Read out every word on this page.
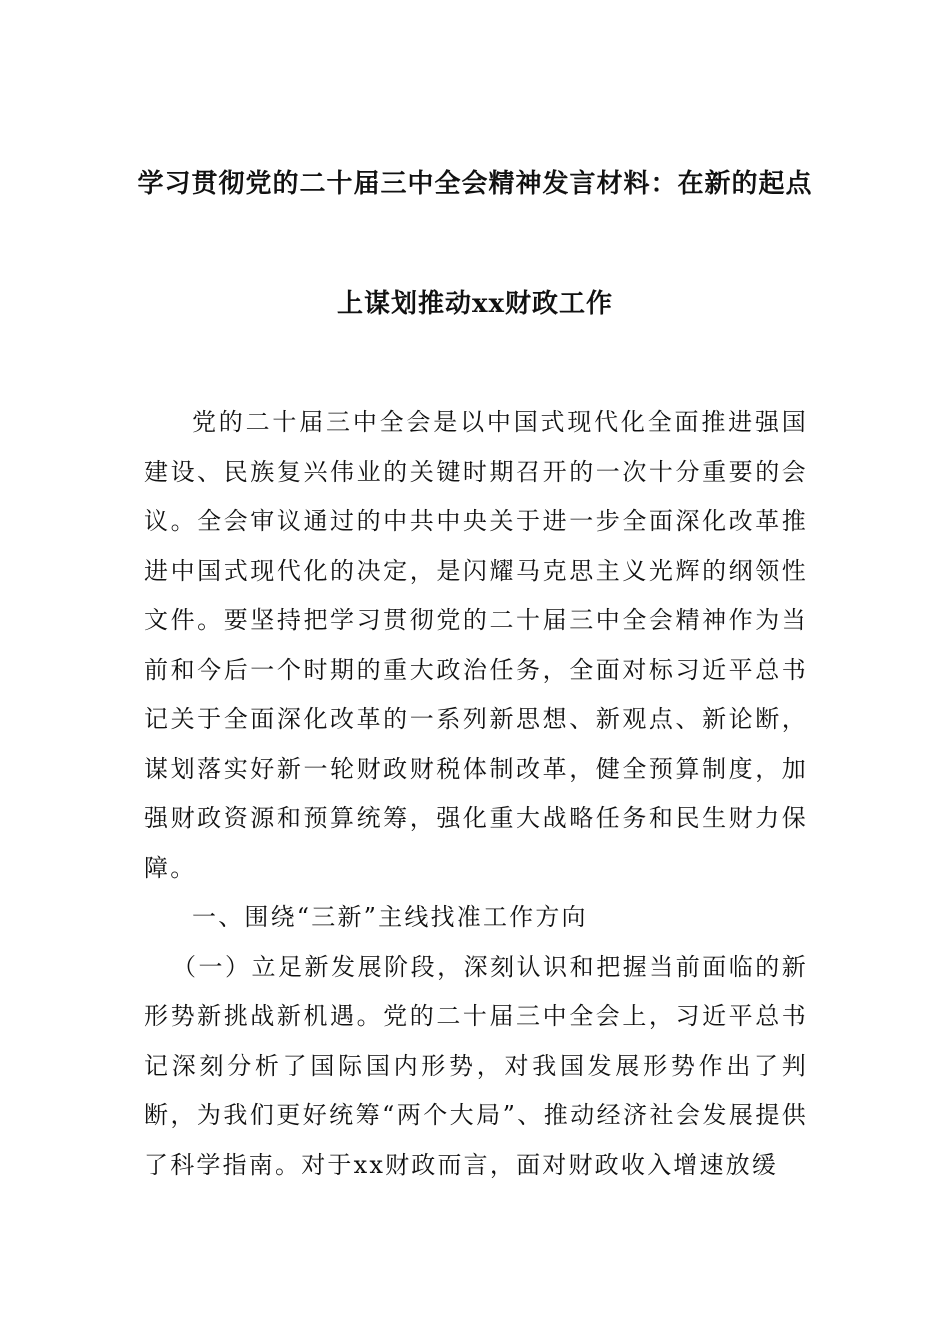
学习贯彻党的二十届三中全会精神发言材料：在新的起点
上谋划推动xx财政工作

党的二十届三中全会是以中国式现代化全面推进强国建设、民族复兴伟业的关键时期召开的一次十分重要的会议。全会审议通过的中共中央关于进一步全面深化改革推进中国式现代化的决定，是闪耀马克思主义光辉的纲领性文件。要坚持把学习贯彻党的二十届三中全会精神作为当前和今后一个时期的重大政治任务，全面对标习近平总书记关于全面深化改革的一系列新思想、新观点、新论断，谋划落实好新一轮财政财税体制改革，健全预算制度，加强财政资源和预算统筹，强化重大战略任务和民生财力保障。

一、围绕“三新”主线找准工作方向

（一）立足新发展阶段，深刻认识和把握当前面临的新形势新挑战新机遇。党的二十届三中全会上，习近平总书记深刻分析了国际国内形势，对我国发展形势作出了判断，为我们更好统筹“两个大局”、推动经济社会发展提供了科学指南。对于xx财政而言，面对财政收入增速放缓
